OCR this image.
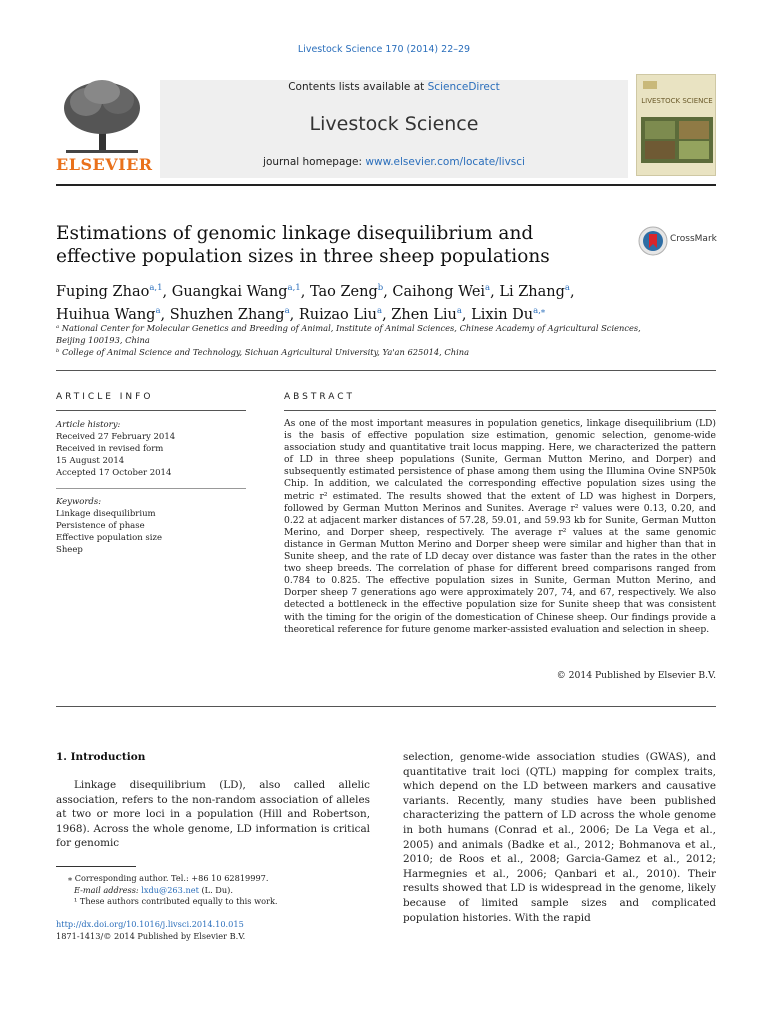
Livestock Science 170 (2014) 22–29
ELSEVIER
Contents lists available at ScienceDirect
Livestock Science
journal homepage: www.elsevier.com/locate/livsci
LIVESTOCK SCIENCE
Estimations of genomic linkage disequilibrium and effective population sizes in three sheep populations
CrossMark
Fuping Zhao$^{a,1}$, Guangkai Wang$^{a,1}$, Tao Zeng$^b$, Caihong Wei$^a$, Li Zhang$^a$,
Huihua Wang$^a$, Shuzhen Zhang$^a$, Ruizao Liu$^a$, Zhen Liu$^a$, Lixin $Du^{a,⁎}$
ᵃ National Center for Molecular Genetics and Breeding of Animal, Institute of Animal Sciences, Chinese Academy of Agricultural Sciences,
Beijing 100193, China
ᵇ College of Animal Science and Technology, Sichuan Agricultural University, Ya'an 625014, China
ARTICLE INFO
Article history:
Received 27 February 2014
Received in revised form
15 August 2014
Accepted 17 October 2014
Keywords:
Linkage disequilibrium
Persistence of phase
Effective population size
Sheep
ABSTRACT
As one of the most important measures in population genetics, linkage disequilibrium (LD) is the basis of effective population size estimation, genomic selection, genome-wide association study and quantitative trait locus mapping. Here, we characterized the pattern of LD in three sheep populations (Sunite, German Mutton Merino, and Dorper) and subsequently estimated persistence of phase among them using the Illumina Ovine SNP50k Chip. In addition, we calculated the corresponding effective population sizes using the metric r² estimated. The results showed that the extent of LD was highest in Dorpers, followed by German Mutton Merinos and Sunites. Average r² values were 0.13, 0.20, and 0.22 at adjacent marker distances of 57.28, 59.01, and 59.93 kb for Sunite, German Mutton Merino, and Dorper sheep, respectively. The average r² values at the same genomic distance in German Mutton Merino and Dorper sheep were similar and higher than that in Sunite sheep, and the rate of LD decay over distance was faster than the rates in the other two sheep breeds. The correlation of phase for different breed comparisons ranged from 0.784 to 0.825. The effective population sizes in Sunite, German Mutton Merino, and Dorper sheep 7 generations ago were approximately 207, 74, and 67, respectively. We also detected a bottleneck in the effective population size for Sunite sheep that was consistent with the timing for the origin of the domestication of Chinese sheep. Our findings provide a theoretical reference for future genome marker-assisted evaluation and selection in sheep.
© 2014 Published by Elsevier B.V.
1. Introduction
Linkage disequilibrium (LD), also called allelic association, refers to the non-random association of alleles at two or more loci in a population (Hill and Robertson, 1968). Across the whole genome, LD information is critical for genomic
selection, genome-wide association studies (GWAS), and quantitative trait loci (QTL) mapping for complex traits, which depend on the LD between markers and causative variants. Recently, many studies have been published characterizing the pattern of LD across the whole genome in both humans (Conrad et al., 2006; De La Vega et al., 2005) and animals (Badke et al., 2012; Bohmanova et al., 2010; de Roos et al., 2008; Garcia-Gamez et al., 2012; Harmegnies et al., 2006; Qanbari et al., 2010). Their results showed that LD is widespread in the genome, likely because of limited sample sizes and complicated population histories. With the rapid
⁎ Corresponding author. Tel.: +86 10 62819997.
E-mail address: lxdu@263.net (L. Du).
¹ These authors contributed equally to this work.
http://dx.doi.org/10.1016/j.livsci.2014.10.015
1871-1413/© 2014 Published by Elsevier B.V.
